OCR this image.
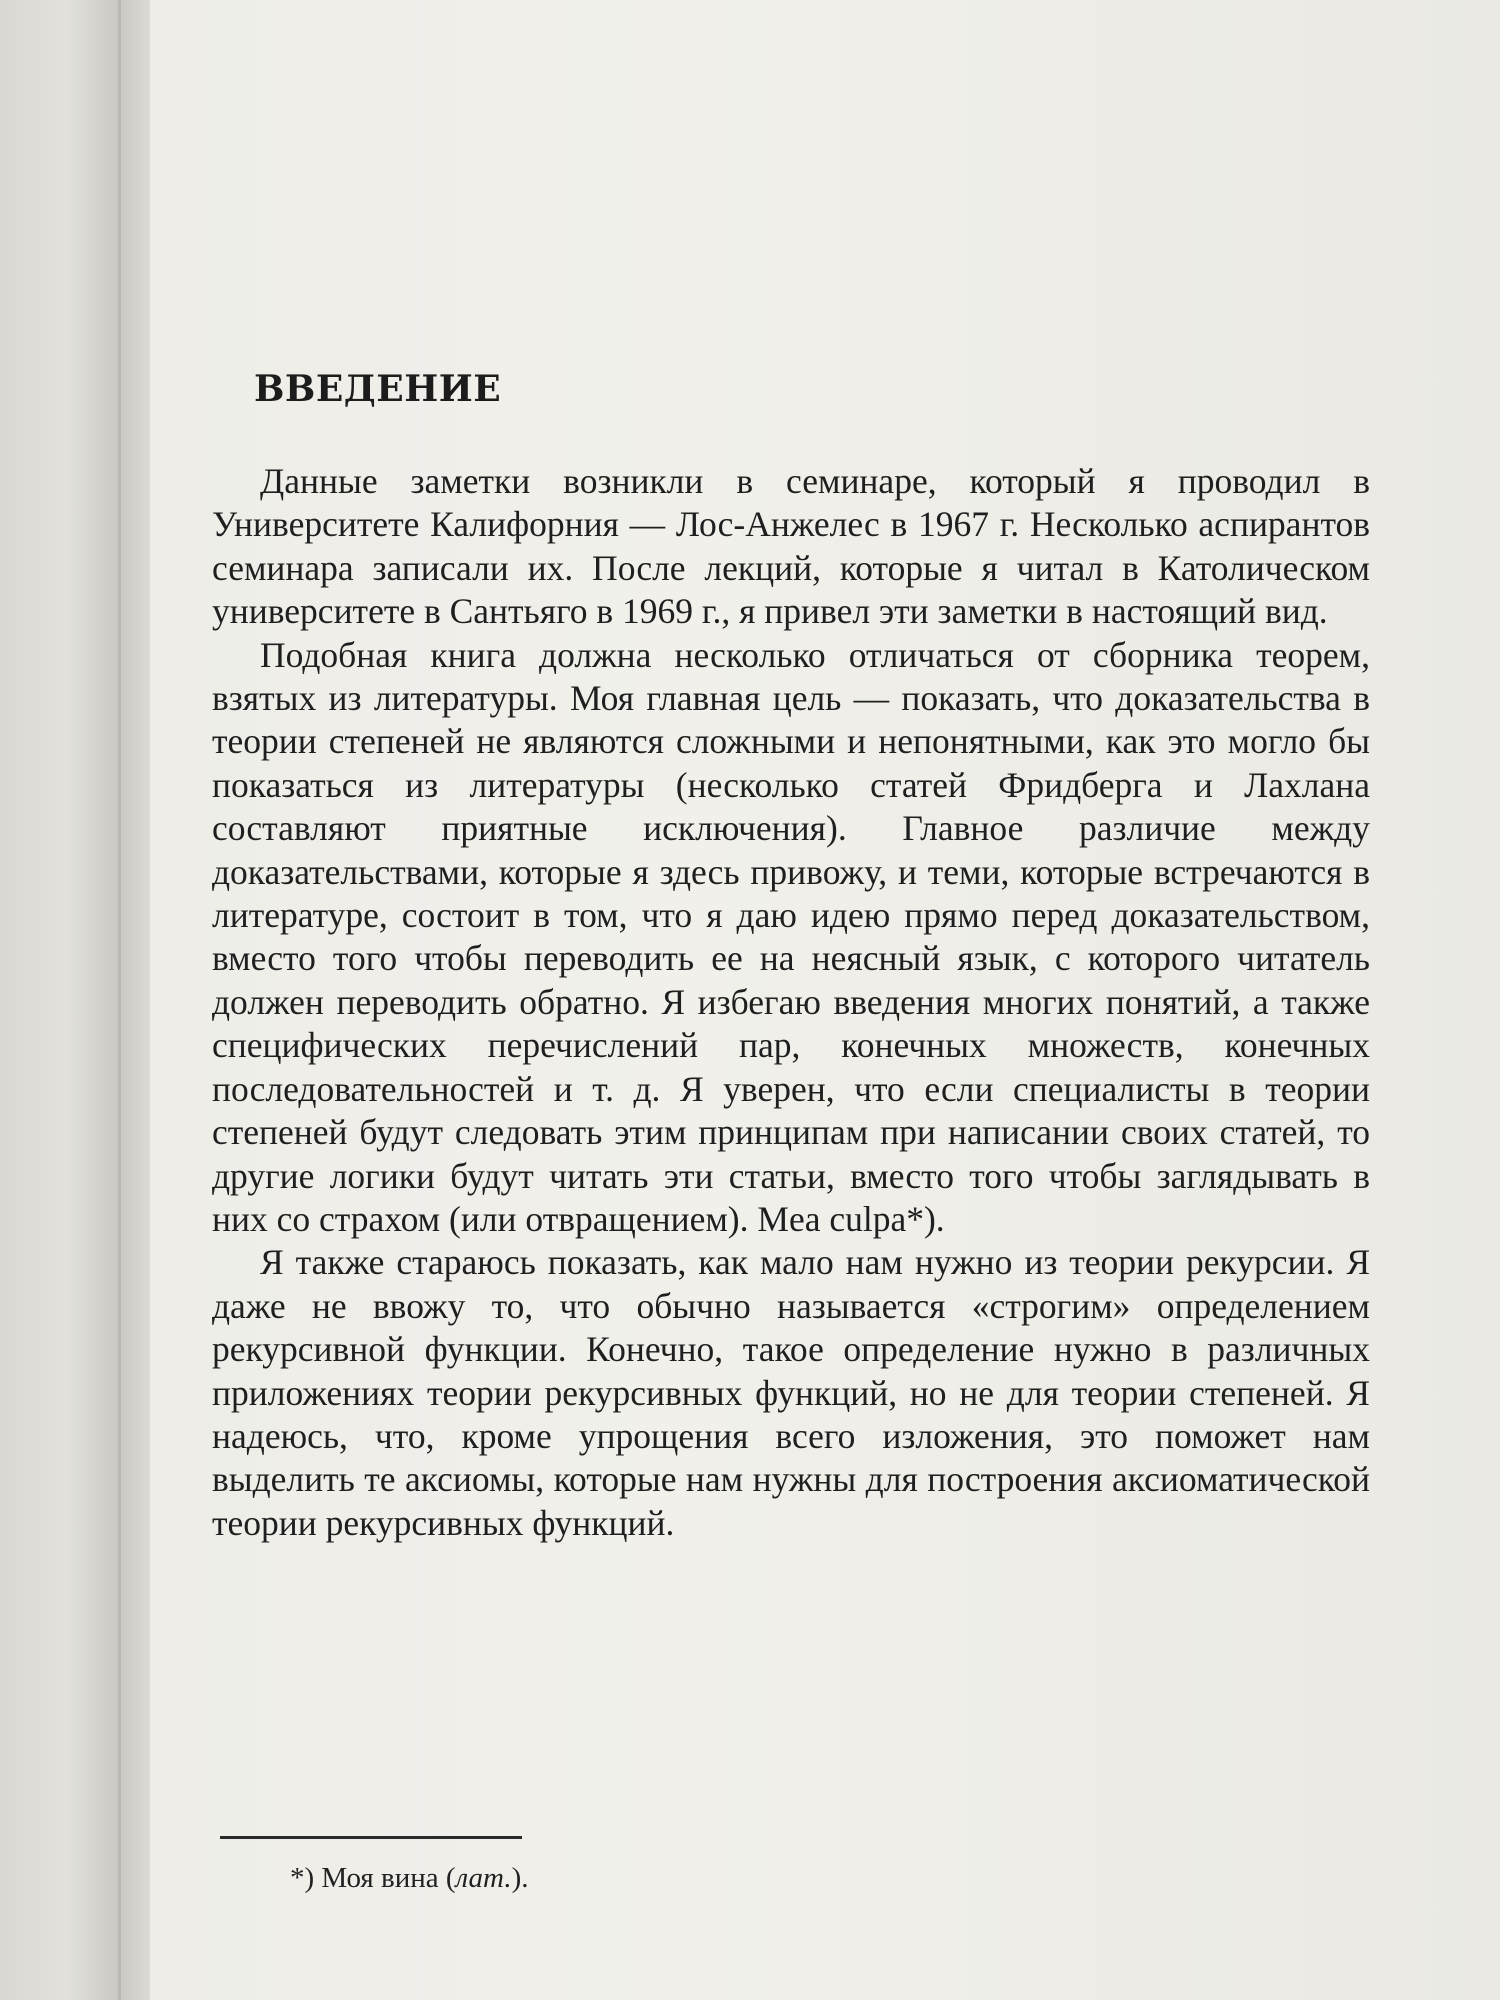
ВВЕДЕНИЕ

Данные заметки возникли в семинаре, который я проводил в Университете Калифорния — Лос-Анжелес в 1967 г. Несколько аспирантов семинара записали их. После лекций, которые я читал в Католическом университете в Сантьяго в 1969 г., я привел эти заметки в настоящий вид.

Подобная книга должна несколько отличаться от сборника теорем, взятых из литературы. Моя главная цель — показать, что доказательства в теории степеней не являются сложными и непонятными, как это могло бы показаться из литературы (несколько статей Фридберга и Лахлана составляют приятные исключения). Главное различие между доказательствами, которые я здесь привожу, и теми, которые встречаются в литературе, состоит в том, что я даю идею прямо перед доказательством, вместо того чтобы переводить ее на неясный язык, с которого читатель должен переводить обратно. Я избегаю введения многих понятий, а также специфических перечислений пар, конечных множеств, конечных последовательностей и т. д. Я уверен, что если специалисты в теории степеней будут следовать этим принципам при написании своих статей, то другие логики будут читать эти статьи, вместо того чтобы заглядывать в них со страхом (или отвращением). Mea culpa*).

Я также стараюсь показать, как мало нам нужно из теории рекурсии. Я даже не ввожу то, что обычно называется «строгим» определением рекурсивной функции. Конечно, такое определение нужно в различных приложениях теории рекурсивных функций, но не для теории степеней. Я надеюсь, что, кроме упрощения всего изложения, это поможет нам выделить те аксиомы, которые нам нужны для построения аксиоматической теории рекурсивных функций.

*) Моя вина (лат.).
